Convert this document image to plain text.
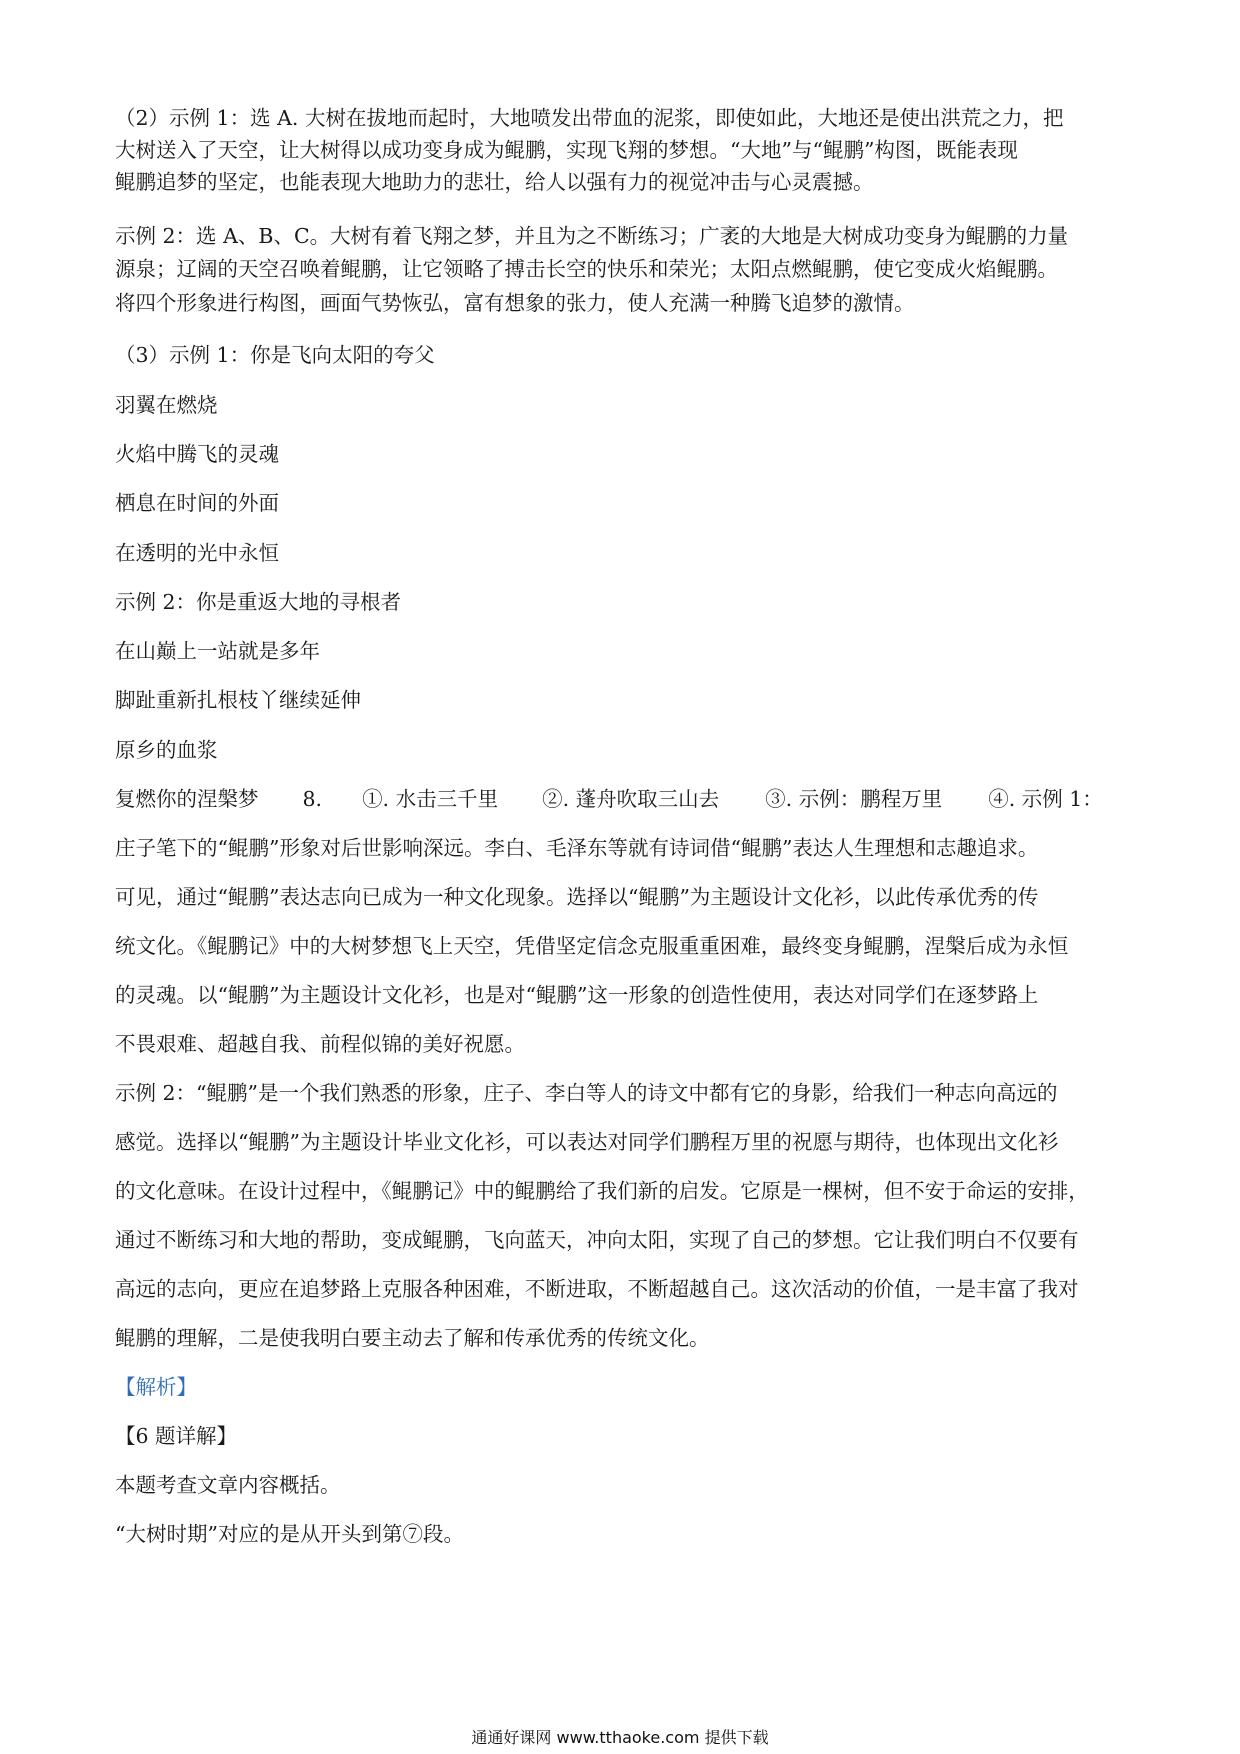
（2）示例 1：选 A. 大树在拔地而起时，大地喷发出带血的泥浆，即使如此，大地还是使出洪荒之力，把
大树送入了天空，让大树得以成功变身成为鲲鹏，实现飞翔的梦想。“大地”与“鲲鹏”构图，既能表现
鲲鹏追梦的坚定，也能表现大地助力的悲壮，给人以强有力的视觉冲击与心灵震撼。
示例 2：选 A、B、C。大树有着飞翔之梦，并且为之不断练习；广袤的大地是大树成功变身为鲲鹏的力量
源泉；辽阔的天空召唤着鲲鹏，让它领略了搏击长空的快乐和荣光；太阳点燃鲲鹏，使它变成火焰鲲鹏。
将四个形象进行构图，画面气势恢弘，富有想象的张力，使人充满一种腾飞追梦的激情。
（3）示例 1：你是飞向太阳的夸父
羽翼在燃烧
火焰中腾飞的灵魂
栖息在时间的外面
在透明的光中永恒
示例 2：你是重返大地的寻根者
在山巅上一站就是多年
脚趾重新扎根枝丫继续延伸
原乡的血浆
复燃你的涅槃梦 8. ①. 水击三千里 ②. 蓬舟吹取三山去 ③. 示例：鹏程万里 ④. 示例 1：
庄子笔下的“鲲鹏”形象对后世影响深远。李白、毛泽东等就有诗词借“鲲鹏”表达人生理想和志趣追求。
可见，通过“鲲鹏”表达志向已成为一种文化现象。选择以“鲲鹏”为主题设计文化衫，以此传承优秀的传
统文化。《鲲鹏记》中的大树梦想飞上天空，凭借坚定信念克服重重困难，最终变身鲲鹏，涅槃后成为永恒
的灵魂。以“鲲鹏”为主题设计文化衫，也是对“鲲鹏”这一形象的创造性使用，表达对同学们在逐梦路上
不畏艰难、超越自我、前程似锦的美好祝愿。
示例 2：“鲲鹏”是一个我们熟悉的形象，庄子、李白等人的诗文中都有它的身影，给我们一种志向高远的
感觉。选择以“鲲鹏”为主题设计毕业文化衫，可以表达对同学们鹏程万里的祝愿与期待，也体现出文化衫
的文化意味。在设计过程中，《鲲鹏记》中的鲲鹏给了我们新的启发。它原是一棵树，但不安于命运的安排，
通过不断练习和大地的帮助，变成鲲鹏，飞向蓝天，冲向太阳，实现了自己的梦想。它让我们明白不仅要有
高远的志向，更应在追梦路上克服各种困难，不断进取，不断超越自己。这次活动的价值，一是丰富了我对
鲲鹏的理解，二是使我明白要主动去了解和传承优秀的传统文化。
【解析】
【6 题详解】
本题考查文章内容概括。
“大树时期”对应的是从开头到第⑦段。
通通好课网 www.tthaoke.com 提供下载
